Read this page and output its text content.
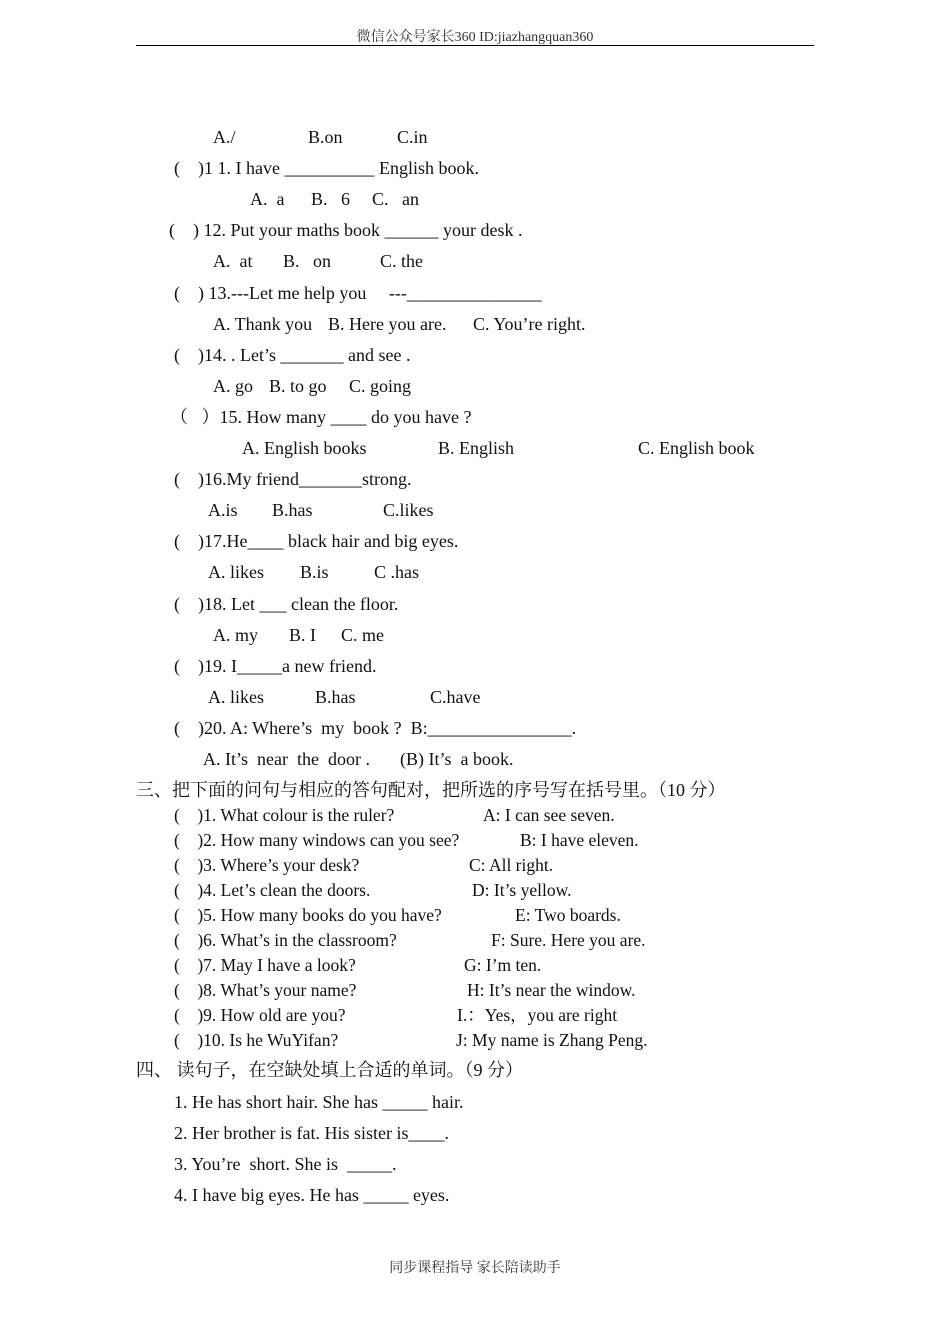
微信公众号家长360 ID:jiazhangquan360
A./	B.on	C.in
(    )1 1. I have __________ English book.
A.  a B.   6 C.   an
(    ) 12. Put your maths book ______ your desk .
A.  at B.   on	C. the
(    ) 13.---Let me help you     ---_______________
A. Thank you B. Here you are. C. You’re right.
(    )14. . Let’s _______ and see .
A. go B. to go C. going
（   ）15. How many ____ do you have ?
A. English books	B. English	C. English book
(    )16.My friend_______strong.
A.is B.has	C.likes
(    )17.He____ black hair and big eyes.
A. likes B.is	C .has
(    )18. Let ___ clean the floor.
A. my B. I C. me
(    )19. I_____a new friend.
A. likes	B.has	C.have
(    )20. A: Where’s  my  book ?  B:________________.
A. It’s  near  the  door . (B) It’s  a book.
三、把下面的问句与相应的答句配对，把所选的序号写在括号里。（10 分）
(    )1. What colour is the ruler?	A: I can see seven.
(    )2. How many windows can you see?	B: I have eleven.
(    )3. Where’s your desk?	C: All right.
(    )4. Let’s clean the doors.	D: It’s yellow.
(    )5. How many books do you have?	E: Two boards.
(    )6. What’s in the classroom?	F: Sure. Here you are.
(    )7. May I have a look?	G: I’m ten.
(    )8. What’s your name?	H: It’s near the window.
(    )9. How old are you?	I.：Yes，you are right
(    )10. Is he WuYifan?	J: My name is Zhang Peng.
四、 读句子，在空缺处填上合适的单词。（9 分）
1. He has short hair. She has _____ hair.
2. Her brother is fat. His sister is____.
3. You’re  short. She is  _____.
4. I have big eyes. He has _____ eyes.
同步课程指导 家长陪读助手
